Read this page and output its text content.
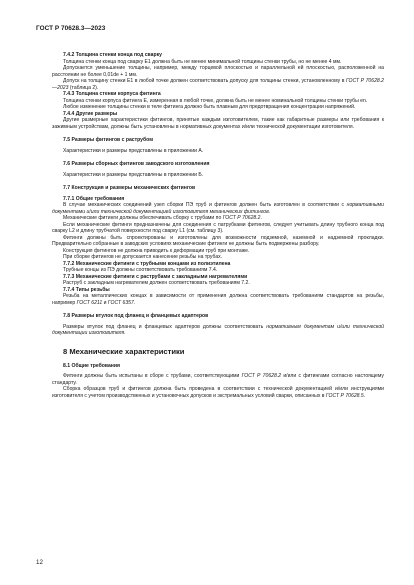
ГОСТ Р 70628.3—2023

7.4.2 Толщина стенки конца под сварку

Толщина стенки конца под сварку E1 должна быть не менее минимальной толщины стенки трубы, но не менее 4 мм.

Допускается уменьшение толщины, например, между торцевой плоскостью и параллельной ей плоскостью, расположенной на расстоянии не более 0,01de + 1 мм.

Допуск на толщину стенки E1 в любой точке должен соответствовать допуску для толщины стенки, установленному в ГОСТ Р 70628.2—2023 (таблица 2).

7.4.3 Толщина стенки корпуса фитинга

Толщина стенки корпуса фитинга E, измеренная в любой точке, должна быть не менее номинальной толщины стенки трубы en.

Любое изменение толщины стенки в теле фитинга должно быть плавным для предотвращения концентрации напряжений.

7.4.4 Другие размеры

Другие размерные характеристики фитингов, принятые каждым изготовителем, такие как габаритные размеры или требования к зажимным устройствам, должны быть установлены в нормативных документах и/или технической документации изготовителя.

7.5 Размеры фитингов с раструбом

Характеристики и размеры представлены в приложении А.

7.6 Размеры сборных фитингов заводского изготовления

Характеристики и размеры представлены в приложении Б.

7.7 Конструкция и размеры механических фитингов

7.7.1 Общие требования

В случае механических соединений узел сборки ПЭ труб и фитингов должен быть изготовлен в соответствии с нормативными документами и/или технической документацией изготовителя механических фитингов.

Механические фитинги должны обеспечивать сборку с трубами по ГОСТ Р 70628.2.

Если механические фитинги предназначены для соединения с патрубками фитингов, следует учитывать длину трубного конца под сварку L2 и длину трубчатой поверхности под сварку L1 (см. таблицу 3).

Фитинги должны быть спроектированы и изготовлены для возможности подземной, наземной и надземной прокладки. Предварительно собранные в заводских условиях механические фитинги не должны быть подвержены разбору.

Конструкция фитингов не должна приводить к деформации труб при монтаже.

При сборке фитингов не допускается нанесение резьбы на трубах.

7.7.2 Механические фитинги с трубными концами из полиэтилена

Трубные концы из ПЭ должны соответствовать требованиям 7.4.

7.7.3 Механические фитинги с раструбами с закладными нагревателями

Раструб с закладным нагревателем должен соответствовать требованиям 7.2.

7.7.4 Типы резьбы

Резьба на металлических концах в зависимости от применения должна соответствовать требованиям стандартов на резьбы, например ГОСТ 6211 и ГОСТ 6357.

7.8 Размеры втулок под фланец и фланцевых адаптеров

Размеры втулок под фланец и фланцевых адаптеров должны соответствовать нормативным документам и/или технической документации изготовителя.

8 Механические характеристики

8.1 Общие требования

Фитинги должны быть испытаны в сборе с трубами, соответствующими ГОСТ Р 70628.2 и/или с фитингами согласно настоящему стандарту.

Сборка образцов труб и фитингов должна быть проведена в соответствии с технической документацией и/или инструкциями изготовителя с учетом производственных и установочных допусков и экстремальных условий сварки, описанных в ГОСТ Р 70628.5.

12
